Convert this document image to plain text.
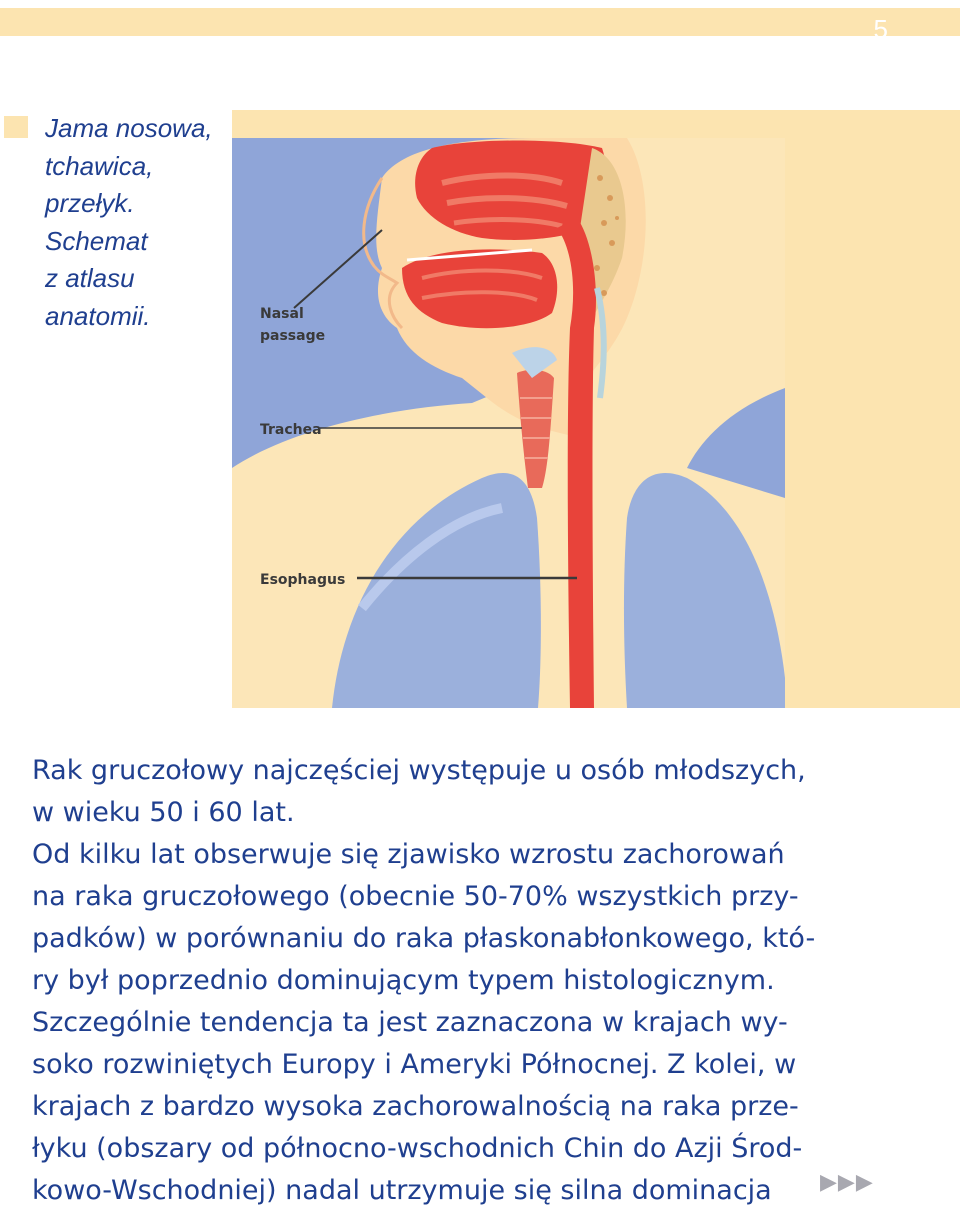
5
Jama nosowa,
tchawica,
przełyk.
Schemat
z atlasu
anatomii.	Nasal
passage
Trachea
Esophagus
Rak gruczołowy najczęściej występuje u osób młodszych,
w wieku 50 i 60 lat.
Od kilku lat obserwuje się zjawisko wzrostu zachorowań
na raka gruczołowego (obecnie 50-70% wszystkich przy-
padków) w porównaniu do raka płaskonabłonkowego, któ-
ry był poprzednio dominującym typem histologicznym.
Szczególnie tendencja ta jest zaznaczona w krajach wy-
soko rozwiniętych Europy i Ameryki Północnej. Z kolei, w
krajach z bardzo wysoka zachorowalnością na raka prze-
łyku (obszary od północno-wschodnich Chin do Azji Środ-
kowo-Wschodniej) nadal utrzymuje się silna dominacja	▶▶▶
